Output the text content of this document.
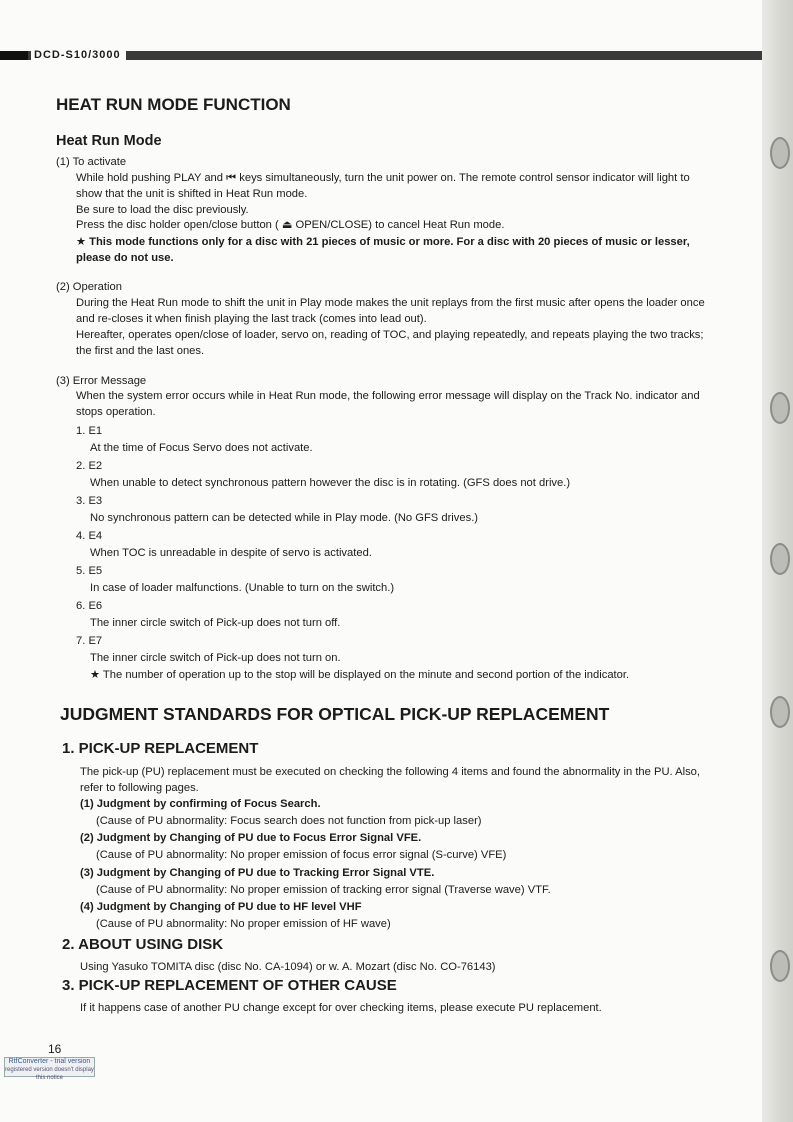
DCD-S10/3000
HEAT RUN MODE FUNCTION
Heat Run Mode
(1) To activate
While hold pushing PLAY and ⏮ keys simultaneously, turn the unit power on. The remote control sensor indicator will light to
show that the unit is shifted in Heat Run mode.
Be sure to load the disc previously.
Press the disc holder open/close button ( ⏏ OPEN/CLOSE) to cancel Heat Run mode.
★ This mode functions only for a disc with 21 pieces of music or more. For a disc with 20 pieces of music or lesser,
please do not use.
(2) Operation
During the Heat Run mode to shift the unit in Play mode makes the unit replays from the first music after opens the loader once
and re-closes it when finish playing the last track (comes into lead out).
Hereafter, operates open/close of loader, servo on, reading of TOC, and playing repeatedly, and repeats playing the two tracks;
the first and the last ones.
(3) Error Message
When the system error occurs while in Heat Run mode, the following error message will display on the Track No. indicator and
stops operation.
1. E1
At the time of Focus Servo does not activate.
2. E2
When unable to detect synchronous pattern however the disc is in rotating. (GFS does not drive.)
3. E3
No synchronous pattern can be detected while in Play mode. (No GFS drives.)
4. E4
When TOC is unreadable in despite of servo is activated.
5. E5
In case of loader malfunctions. (Unable to turn on the switch.)
6. E6
The inner circle switch of Pick-up does not turn off.
7. E7
The inner circle switch of Pick-up does not turn on.
★ The number of operation up to the stop will be displayed on the minute and second portion of the indicator.
JUDGMENT STANDARDS FOR OPTICAL PICK-UP REPLACEMENT
1. PICK-UP REPLACEMENT
The pick-up (PU) replacement must be executed on checking the following 4 items and found the abnormality in the PU. Also,
refer to following pages.
(1) Judgment by confirming of Focus Search.
(Cause of PU abnormality: Focus search does not function from pick-up laser)
(2) Judgment by Changing of PU due to Focus Error Signal VFE.
(Cause of PU abnormality: No proper emission of focus error signal (S-curve) VFE)
(3) Judgment by Changing of PU due to Tracking Error Signal VTE.
(Cause of PU abnormality: No proper emission of tracking error signal (Traverse wave) VTF.
(4) Judgment by Changing of PU due to HF level VHF
(Cause of PU abnormality: No proper emission of HF wave)
2. ABOUT USING DISK
Using Yasuko TOMITA disc (disc No. CA-1094) or w. A. Mozart (disc No. CO-76143)
3. PICK-UP REPLACEMENT OF OTHER CAUSE
If it happens case of another PU change except for over checking items, please execute PU replacement.
16
RtfConverter - trial version
registered version doesn't display this notice
